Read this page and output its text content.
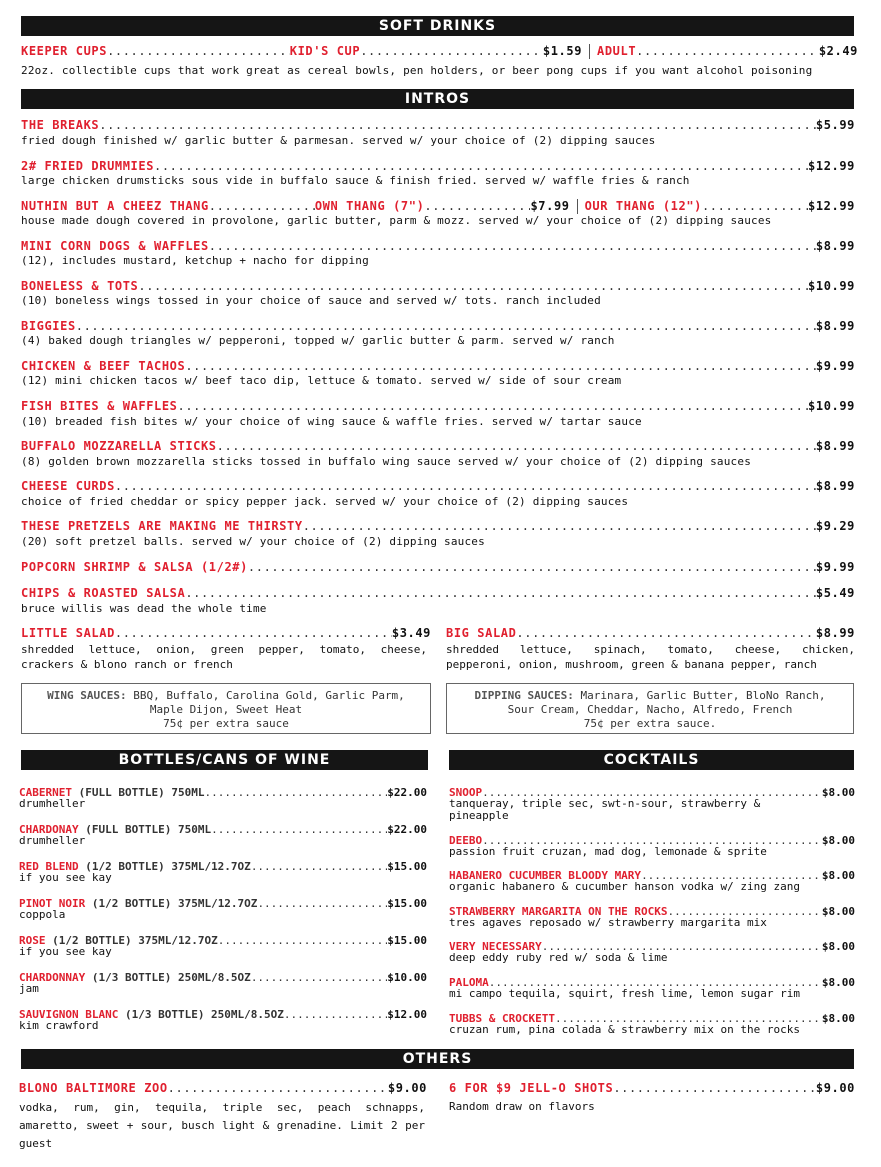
SOFT DRINKS
KEEPER CUPS .....	KID'S CUP .....	$1.59 ADULT .....	$2.49
22oz. collectible cups that work great as cereal bowls, pen holders, or beer pong cups if you want alcohol poisoning
INTROS
THE BREAKS .....	$5.99
fried dough finished w/ garlic butter & parmesan. served w/ your choice of (2) dipping sauces
2# FRIED DRUMMIES .....	$12.99
large chicken drumsticks sous vide in buffalo sauce & finish fried. served w/ waffle fries & ranch
NUTHIN BUT A CHEEZ THANG .....	OWN THANG (7") .....	$7.99 OUR THANG (12") .....	$12.99
house made dough covered in provolone, garlic butter, parm & mozz. served w/ your choice of (2) dipping sauces
MINI CORN DOGS & WAFFLES .....	$8.99
(12), includes mustard, ketchup + nacho for dipping
BONELESS & TOTS .....	$10.99
(10) boneless wings tossed in your choice of sauce and served w/ tots. ranch included
BIGGIES .....	$8.99
(4) baked dough triangles w/ pepperoni, topped w/ garlic butter & parm. served w/ ranch
CHICKEN & BEEF TACHOS .....	$9.99
(12) mini chicken tacos w/ beef taco dip, lettuce & tomato. served w/ side of sour cream
FISH BITES & WAFFLES .....	$10.99
(10) breaded fish bites w/ your choice of wing sauce & waffle fries. served w/ tartar sauce
BUFFALO MOZZARELLA STICKS .....	$8.99
(8) golden brown mozzarella sticks tossed in buffalo wing sauce served w/ your choice of (2) dipping sauces
CHEESE CURDS .....	$8.99
choice of fried cheddar or spicy pepper jack. served w/ your choice of (2) dipping sauces
THESE PRETZELS ARE MAKING ME THIRSTY .....	$9.29
(20) soft pretzel balls. served w/ your choice of (2) dipping sauces
POPCORN SHRIMP & SALSA (1/2#) .....	$9.99
CHIPS & ROASTED SALSA .....	$5.49
bruce willis was dead the whole time
LITTLE SALAD .....	$3.49
shredded lettuce, onion, green pepper, tomato, cheese, crackers & blono ranch or french
BIG SALAD .....	$8.99
shredded lettuce, spinach, tomato, cheese, chicken, pepperoni, onion, mushroom, green & banana pepper, ranch
WING SAUCES: BBQ, Buffalo, Carolina Gold, Garlic Parm,
Maple Dijon, Sweet Heat
75¢ per extra sauce
DIPPING SAUCES: Marinara, Garlic Butter, BloNo Ranch,
Sour Cream, Cheddar, Nacho, Alfredo, French
75¢ per extra sauce.
BOTTLES/CANS OF WINE
CABERNET
(FULL BOTTLE) 750ML .....	$22.00
drumheller
CHARDONAY
(FULL BOTTLE) 750ML .....	$22.00
drumheller
RED BLEND
(1/2 BOTTLE) 375ML/12.7OZ .....	$15.00
if you see kay
PINOT NOIR
(1/2 BOTTLE) 375ML/12.7OZ .....	$15.00
coppola
ROSE
(1/2 BOTTLE) 375ML/12.7OZ .....	$15.00
if you see kay
CHARDONNAY
(1/3 BOTTLE) 250ML/8.5OZ .....	$10.00
jam
SAUVIGNON BLANC
(1/3 BOTTLE) 250ML/8.5OZ .....	$12.00
kim crawford
COCKTAILS
SNOOP .....	$8.00
tanqueray, triple sec, swt-n-sour, strawberry & pineapple
DEEBO .....	$8.00
passion fruit cruzan, mad dog, lemonade & sprite
HABANERO CUCUMBER BLOODY MARY .....	$8.00
organic habanero & cucumber hanson vodka w/ zing zang
STRAWBERRY MARGARITA ON THE ROCKS .....	$8.00
tres agaves reposado w/ strawberry margarita mix
VERY NECESSARY .....	$8.00
deep eddy ruby red w/ soda & lime
PALOMA .....	$8.00
mi campo tequila, squirt, fresh lime, lemon sugar rim
TUBBS & CROCKETT .....	$8.00
cruzan rum, pina colada & strawberry mix on the rocks
OTHERS
BLONO BALTIMORE ZOO .....	$9.00
vodka, rum, gin, tequila, triple sec, peach schnapps, amaretto, sweet + sour, busch light & grenadine. Limit 2 per guest
6 FOR $9 JELL-O SHOTS .....	$9.00
Random draw on flavors
